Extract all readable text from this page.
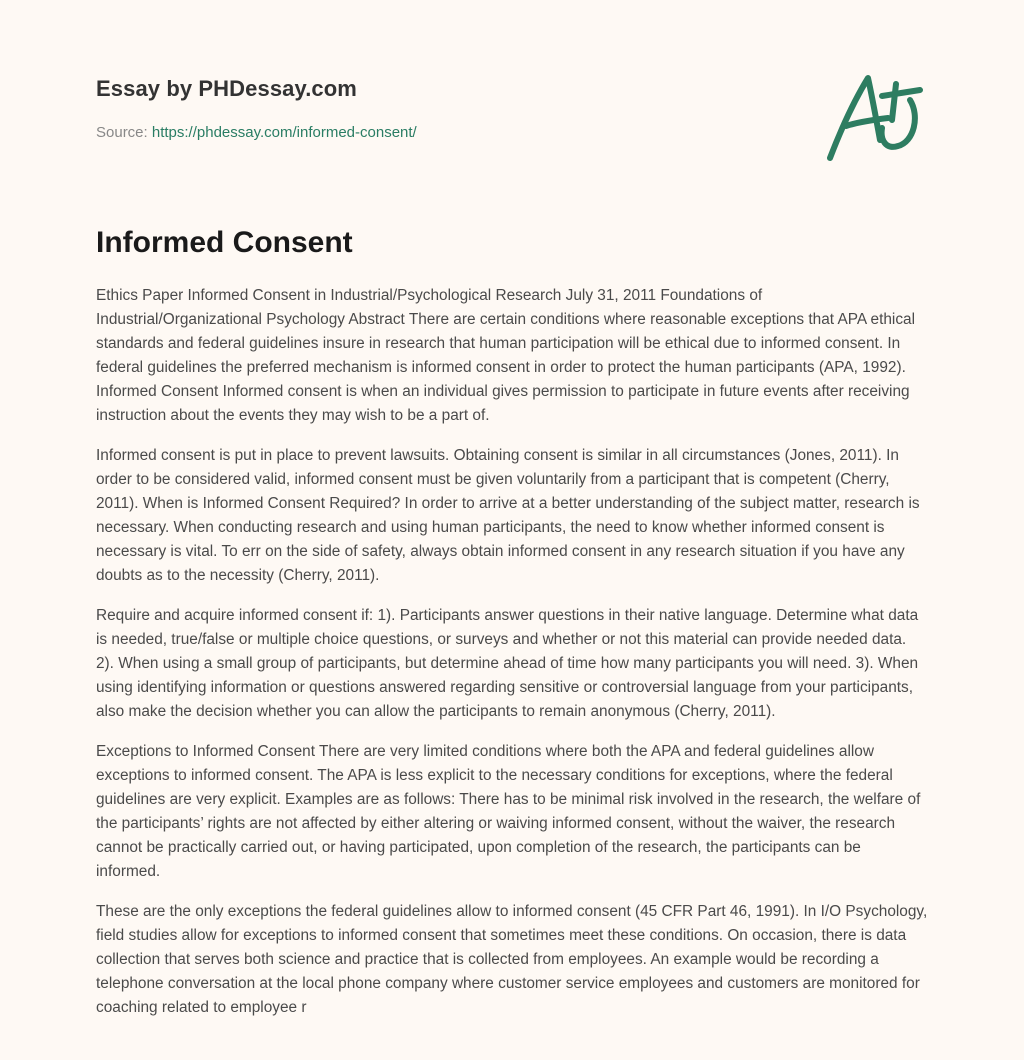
Essay by PHDessay.com
Source: https://phdessay.com/informed-consent/
Informed Consent

Ethics Paper Informed Consent in Industrial/Psychological Research July 31, 2011 Foundations of Industrial/Organizational Psychology Abstract There are certain conditions where reasonable exceptions that APA ethical standards and federal guidelines insure in research that human participation will be ethical due to informed consent. In federal guidelines the preferred mechanism is informed consent in order to protect the human participants (APA, 1992). Informed Consent Informed consent is when an individual gives permission to participate in future events after receiving instruction about the events they may wish to be a part of.

Informed consent is put in place to prevent lawsuits. Obtaining consent is similar in all circumstances (Jones, 2011). In order to be considered valid, informed consent must be given voluntarily from a participant that is competent (Cherry, 2011). When is Informed Consent Required? In order to arrive at a better understanding of the subject matter, research is necessary. When conducting research and using human participants, the need to know whether informed consent is necessary is vital. To err on the side of safety, always obtain informed consent in any research situation if you have any doubts as to the necessity (Cherry, 2011).

Require and acquire informed consent if: 1). Participants answer questions in their native language. Determine what data is needed, true/false or multiple choice questions, or surveys and whether or not this material can provide needed data. 2). When using a small group of participants, but determine ahead of time how many participants you will need. 3). When using identifying information or questions answered regarding sensitive or controversial language from your participants, also make the decision whether you can allow the participants to remain anonymous (Cherry, 2011).

Exceptions to Informed Consent There are very limited conditions where both the APA and federal guidelines allow exceptions to informed consent. The APA is less explicit to the necessary conditions for exceptions, where the federal guidelines are very explicit. Examples are as follows: There has to be minimal risk involved in the research, the welfare of the participants’ rights are not affected by either altering or waiving informed consent, without the waiver, the research cannot be practically carried out, or having participated, upon completion of the research, the participants can be informed.

These are the only exceptions the federal guidelines allow to informed consent (45 CFR Part 46, 1991). In I/O Psychology, field studies allow for exceptions to informed consent that sometimes meet these conditions. On occasion, there is data collection that serves both science and practice that is collected from employees. An example would be recording a telephone conversation at the local phone company where customer service employees and customers are monitored for coaching related to employee r
